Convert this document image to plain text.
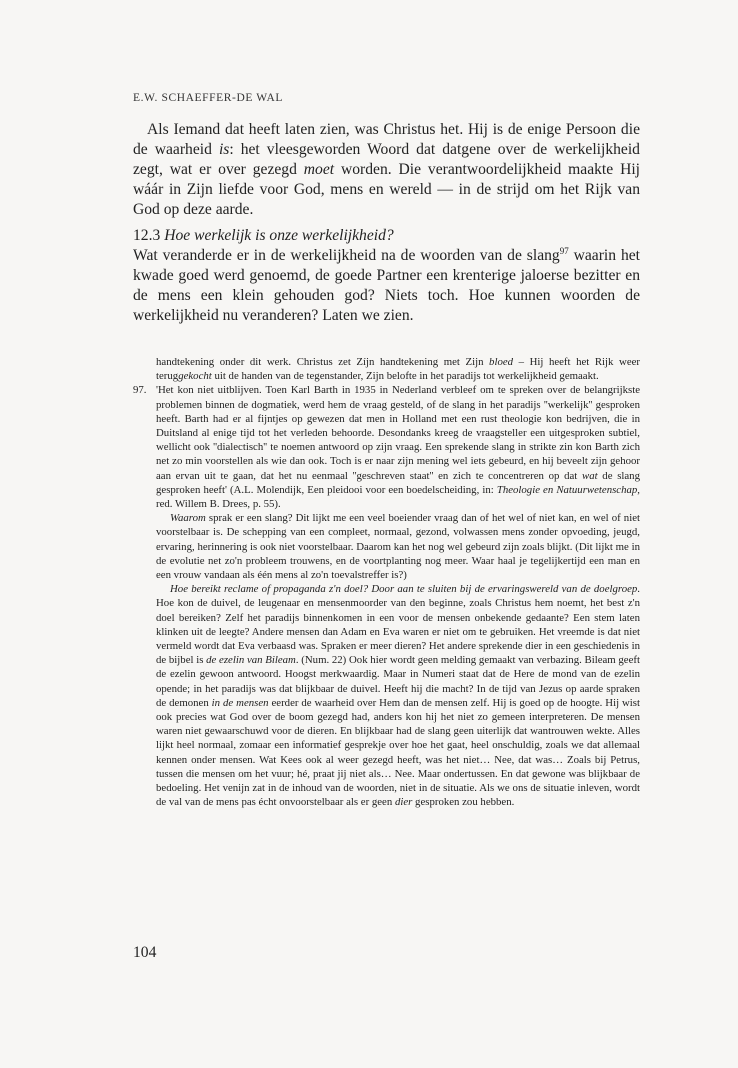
E.W. SCHAEFFER-DE WAL

Als Iemand dat heeft laten zien, was Christus het. Hij is de enige Persoon die de waarheid is: het vleesgeworden Woord dat datgene over de werkelijkheid zegt, wat er over gezegd moet worden. Die verantwoordelijkheid maakte Hij wáár in Zijn liefde voor God, mens en wereld — in de strijd om het Rijk van God op deze aarde.

12.3 Hoe werkelijk is onze werkelijkheid?
Wat veranderde er in de werkelijkheid na de woorden van de slang$^{97}$ waarin het kwade goed werd genoemd, de goede Partner een krenterige jaloerse bezitter en de mens een klein gehouden god? Niets toch. Hoe kunnen woorden de werkelijkheid nu veranderen? Laten we zien.

handtekening onder dit werk. Christus zet Zíjn handtekening met Zijn bloed – Hij heeft het Rijk weer teruggekocht uit de handen van de tegenstander, Zijn belofte in het paradijs tot werkelijkheid gemaakt.

97. 'Het kon niet uitblijven. Toen Karl Barth in 1935 in Nederland verbleef om te spreken over de belangrijkste problemen binnen de dogmatiek, werd hem de vraag gesteld, of de slang in het paradijs ''werkelijk'' gesproken heeft. Barth had er al fijntjes op gewezen dat men in Holland met een rust theologie kon bedrijven, die in Duitsland al enige tijd tot het verleden behoorde. Desondanks kreeg de vraagsteller een uitgesproken subtiel, wellicht ook ''dialectisch'' te noemen antwoord op zijn vraag. Een sprekende slang in strikte zin kon Barth zich net zo min voorstellen als wie dan ook. Toch is er naar zijn mening wel iets gebeurd, en hij beveelt zijn gehoor aan ervan uit te gaan, dat het nu eenmaal ''geschreven staat'' en zich te concentreren op dat wat de slang gesproken heeft' (A.L. Molendijk, Een pleidooi voor een boedelscheiding, in: Theologie en Natuurwetenschap, red. Willem B. Drees, p. 55).

Waarom sprak er een slang? Dit lijkt me een veel boeiender vraag dan of het wel of niet kan, en wel of niet voorstelbaar is. De schepping van een compleet, normaal, gezond, volwassen mens zonder opvoeding, jeugd, ervaring, herinnering is ook niet voorstelbaar. Daarom kan het nog wel gebeurd zijn zoals blijkt. (Dit lijkt me in de evolutie net zo'n probleem trouwens, en de voortplanting nog meer. Waar haal je tegelijkertijd een man en een vrouw vandaan als één mens al zo'n toevalstreffer is?)

Hoe bereikt reclame of propaganda z'n doel? Door aan te sluiten bij de ervaringswereld van de doelgroep. Hoe kon de duivel, de leugenaar en mensenmoorder van den beginne, zoals Christus hem noemt, het best z'n doel bereiken? Zelf het paradijs binnenkomen in een voor de mensen onbekende gedaante? Een stem laten klinken uit de leegte? Andere mensen dan Adam en Eva waren er niet om te gebruiken. Het vreemde is dat niet vermeld wordt dat Eva verbaasd was. Spraken er meer dieren? Het andere sprekende dier in een geschiedenis in de bijbel is de ezelin van Bileam. (Num. 22) Ook hier wordt geen melding gemaakt van verbazing. Bileam geeft de ezelin gewoon antwoord. Hoogst merkwaardig. Maar in Numeri staat dat de Here de mond van de ezelin opende; in het paradijs was dat blijkbaar de duivel. Heeft hij die macht? In de tijd van Jezus op aarde spraken de demonen in de mensen eerder de waarheid over Hem dan de mensen zelf. Hij is goed op de hoogte. Hij wist ook precies wat God over de boom gezegd had, anders kon hij het niet zo gemeen interpreteren. De mensen waren niet gewaarschuwd voor de dieren. En blijkbaar had de slang geen uiterlijk dat wantrouwen wekte. Alles lijkt heel normaal, zomaar een informatief gesprekje over hoe het gaat, heel onschuldig, zoals we dat allemaal kennen onder mensen. Wat Kees ook al weer gezegd heeft, was het niet… Nee, dat was… Zoals bij Petrus, tussen die mensen om het vuur; hé, praat jij niet als… Nee. Maar ondertussen. En dat gewone was blijkbaar de bedoeling. Het venijn zat in de inhoud van de woorden, niet in de situatie. Als we ons de situatie inleven, wordt de val van de mens pas écht onvoorstelbaar als er geen dier gesproken zou hebben.

104
